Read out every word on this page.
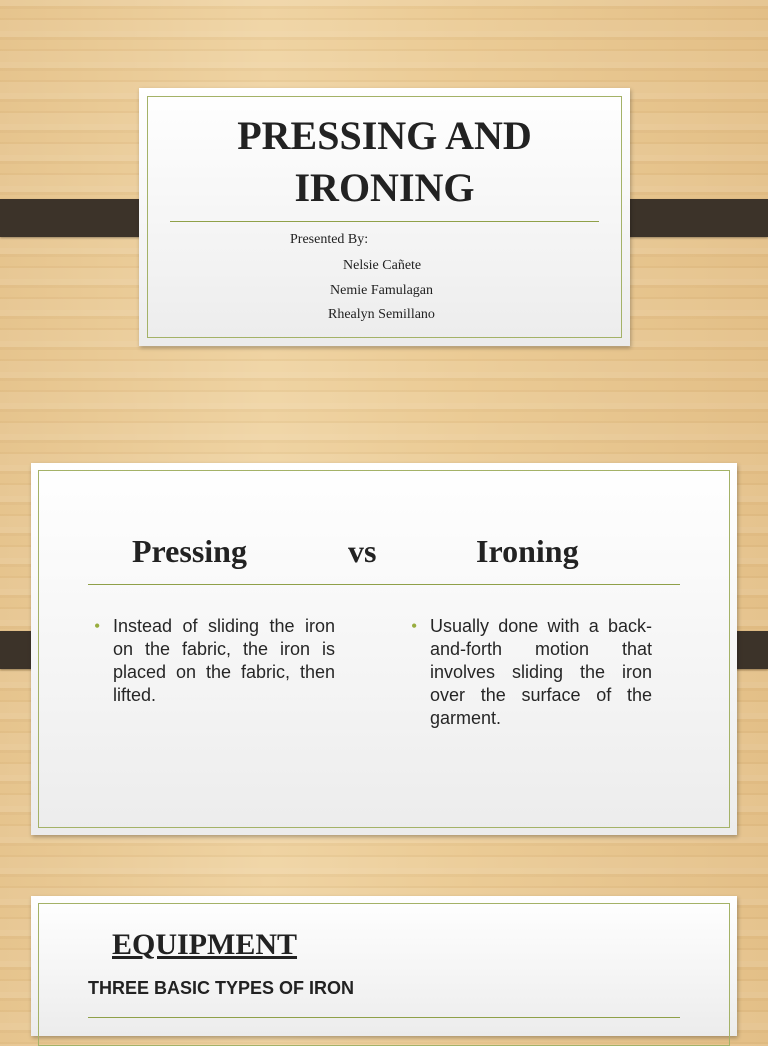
PRESSING AND
IRONING
Presented By:
Nelsie Cañete
Nemie Famulagan
Rhealyn Semillano
Pressing	vs	Ironing
• Instead of sliding the iron on the fabric, the iron is placed on the fabric, then lifted.
• Usually done with a back-and-forth motion that involves sliding the iron over the surface of the garment.
EQUIPMENT
THREE BASIC TYPES OF IRON
